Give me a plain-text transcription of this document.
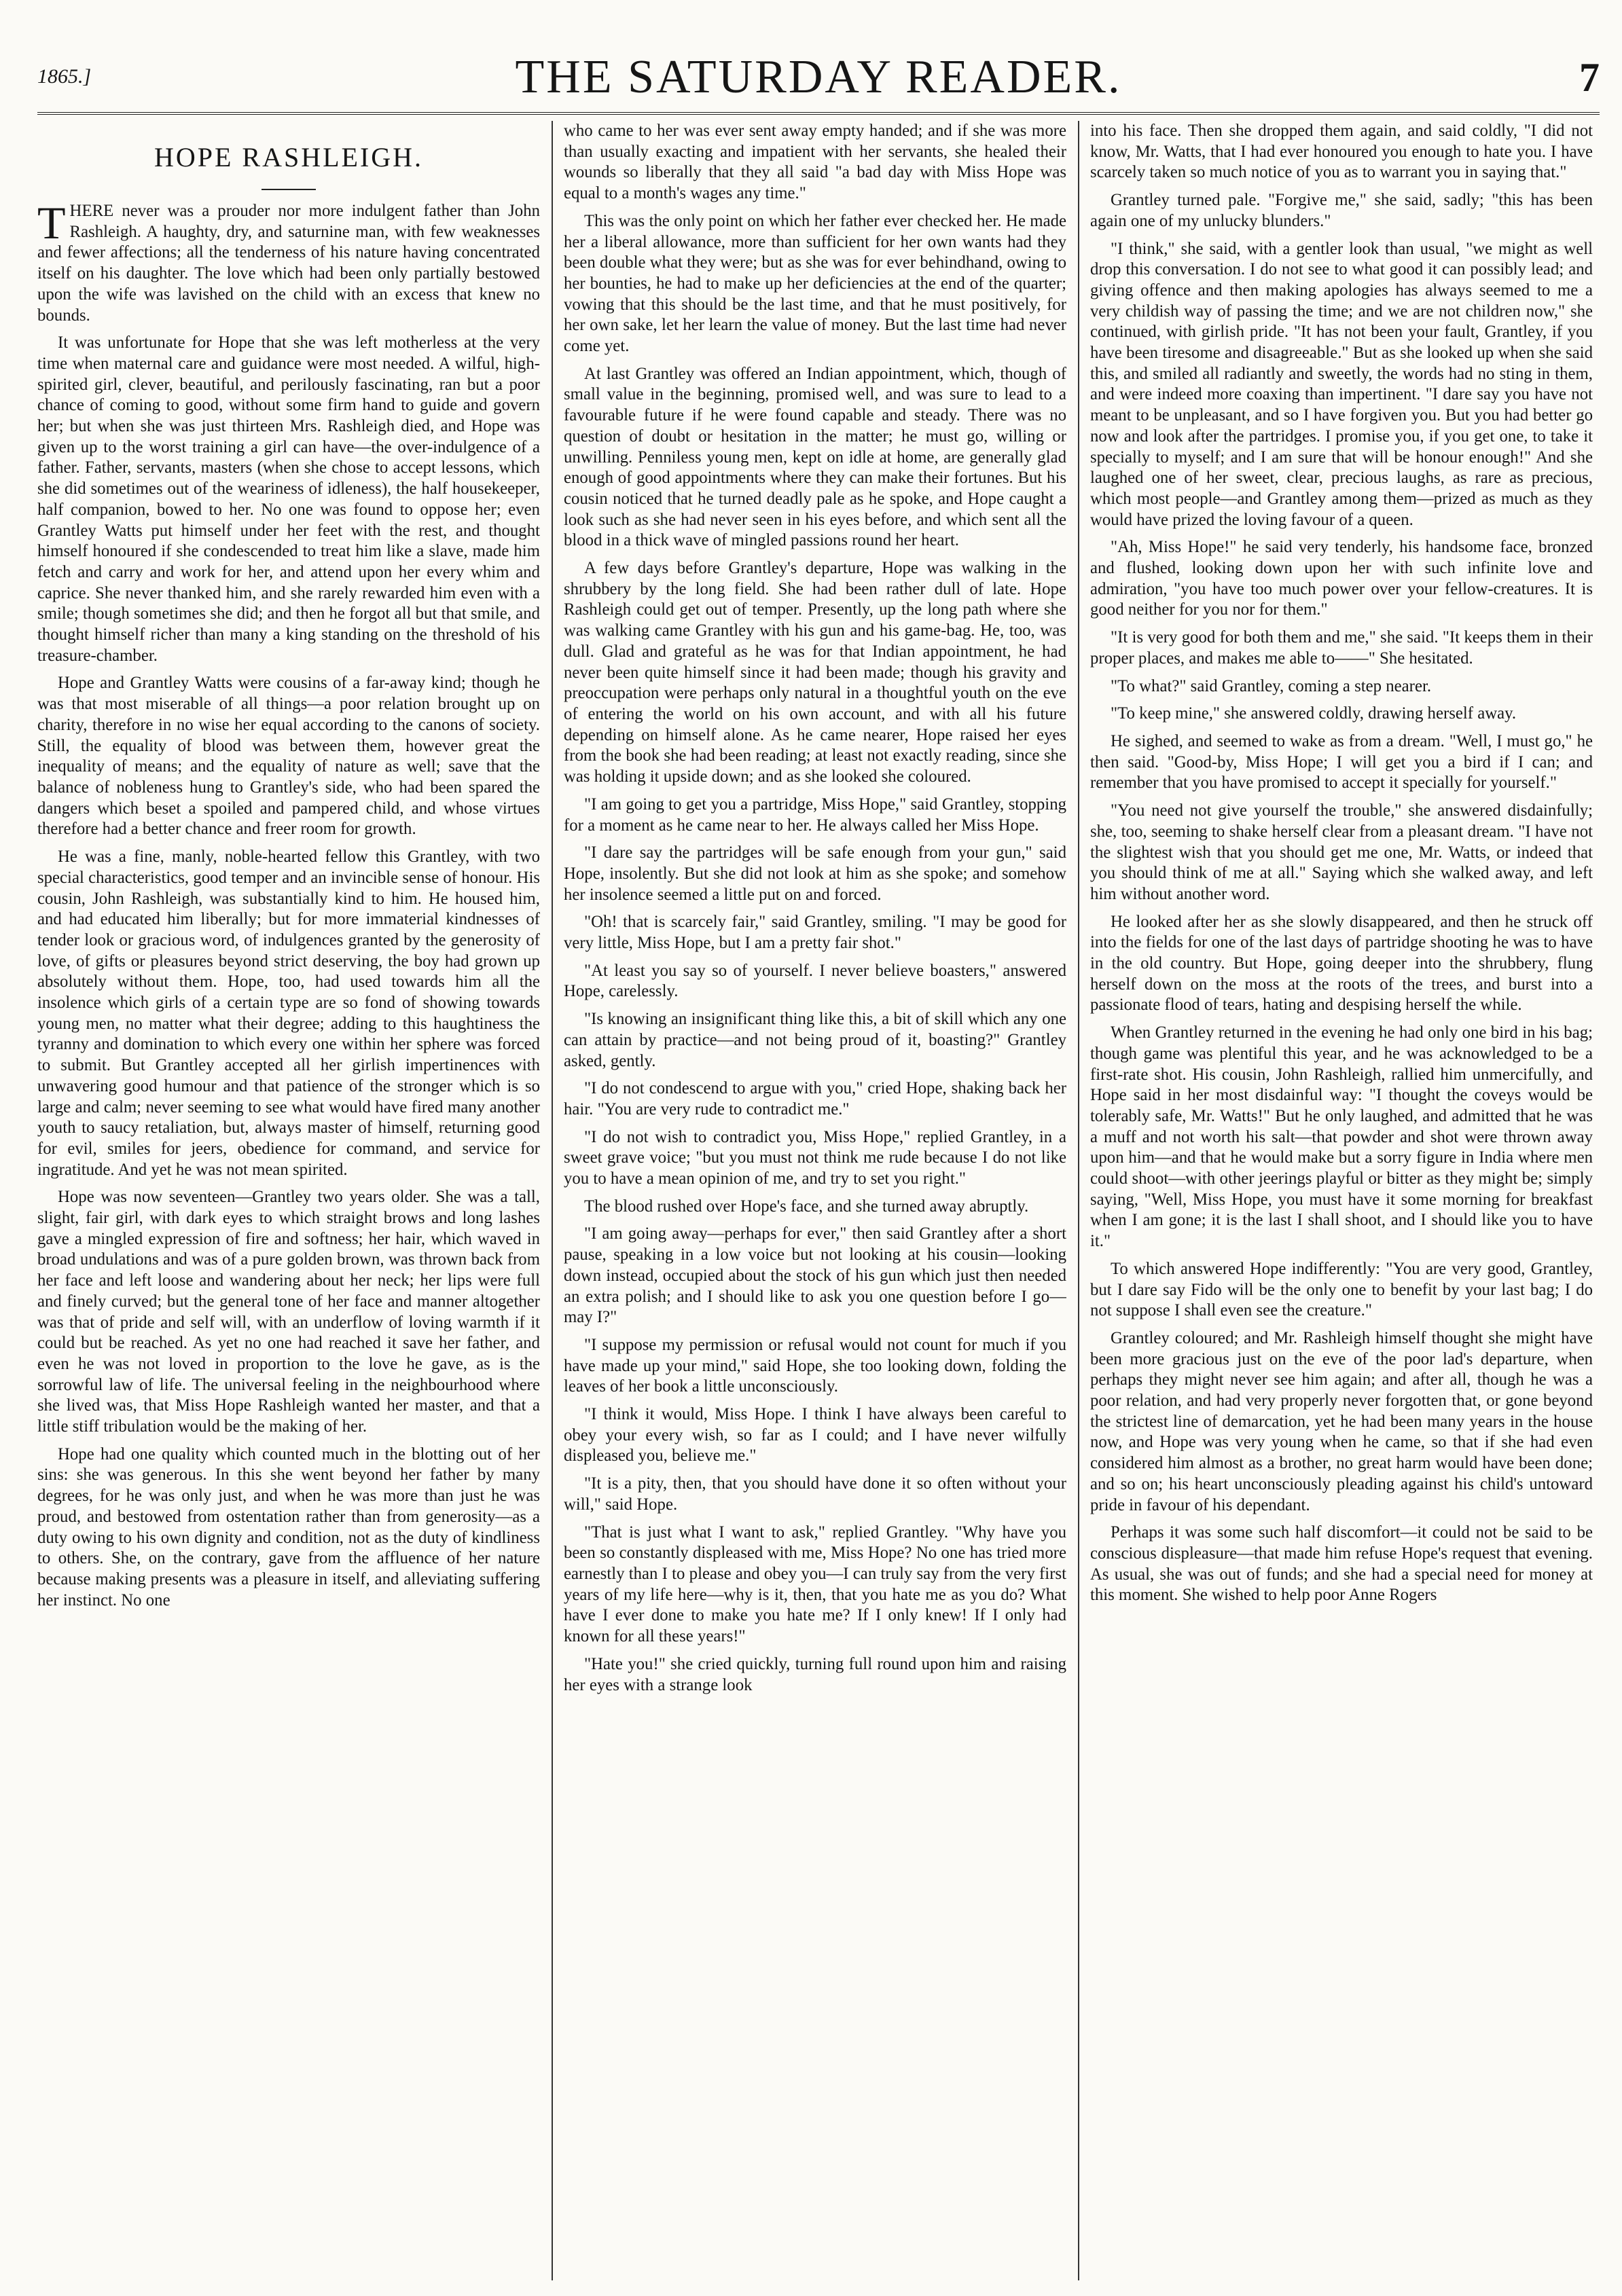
1865.]	THE SATURDAY READER.	7
HOPE RASHLEIGH.

THERE never was a prouder nor more indulgent father than John Rashleigh. A haughty, dry, and saturnine man, with few weaknesses and fewer affections; all the tenderness of his nature having concentrated itself on his daughter. The love which had been only partially bestowed upon the wife was lavished on the child with an excess that knew no bounds.

It was unfortunate for Hope that she was left motherless at the very time when maternal care and guidance were most needed. A wilful, high-spirited girl, clever, beautiful, and perilously fascinating, ran but a poor chance of coming to good, without some firm hand to guide and govern her; but when she was just thirteen Mrs. Rashleigh died, and Hope was given up to the worst training a girl can have—the over-indulgence of a father. Father, servants, masters (when she chose to accept lessons, which she did sometimes out of the weariness of idleness), the half housekeeper, half companion, bowed to her. No one was found to oppose her; even Grantley Watts put himself under her feet with the rest, and thought himself honoured if she condescended to treat him like a slave, made him fetch and carry and work for her, and attend upon her every whim and caprice. She never thanked him, and she rarely rewarded him even with a smile; though sometimes she did; and then he forgot all but that smile, and thought himself richer than many a king standing on the threshold of his treasure-chamber.

Hope and Grantley Watts were cousins of a far-away kind; though he was that most miserable of all things—a poor relation brought up on charity, therefore in no wise her equal according to the canons of society. Still, the equality of blood was between them, however great the inequality of means; and the equality of nature as well; save that the balance of nobleness hung to Grantley's side, who had been spared the dangers which beset a spoiled and pampered child, and whose virtues therefore had a better chance and freer room for growth.

He was a fine, manly, noble-hearted fellow this Grantley, with two special characteristics, good temper and an invincible sense of honour. His cousin, John Rashleigh, was substantially kind to him. He housed him, and had educated him liberally; but for more immaterial kindnesses of tender look or gracious word, of indulgences granted by the generosity of love, of gifts or pleasures beyond strict deserving, the boy had grown up absolutely without them. Hope, too, had used towards him all the insolence which girls of a certain type are so fond of showing towards young men, no matter what their degree; adding to this haughtiness the tyranny and domination to which every one within her sphere was forced to submit. But Grantley accepted all her girlish impertinences with unwavering good humour and that patience of the stronger which is so large and calm; never seeming to see what would have fired many another youth to saucy retaliation, but, always master of himself, returning good for evil, smiles for jeers, obedience for command, and service for ingratitude. And yet he was not mean spirited.

Hope was now seventeen—Grantley two years older. She was a tall, slight, fair girl, with dark eyes to which straight brows and long lashes gave a mingled expression of fire and softness; her hair, which waved in broad undulations and was of a pure golden brown, was thrown back from her face and left loose and wandering about her neck; her lips were full and finely curved; but the general tone of her face and manner altogether was that of pride and self will, with an underflow of loving warmth if it could but be reached. As yet no one had reached it save her father, and even he was not loved in proportion to the love he gave, as is the sorrowful law of life. The universal feeling in the neighbourhood where she lived was, that Miss Hope Rashleigh wanted her master, and that a little stiff tribulation would be the making of her.

Hope had one quality which counted much in the blotting out of her sins: she was generous. In this she went beyond her father by many degrees, for he was only just, and when he was more than just he was proud, and bestowed from ostentation rather than from generosity—as a duty owing to his own dignity and condition, not as the duty of kindliness to others. She, on the contrary, gave from the affluence of her nature because making presents was a pleasure in itself, and alleviating suffering her instinct. No one

who came to her was ever sent away empty handed; and if she was more than usually exacting and impatient with her servants, she healed their wounds so liberally that they all said "a bad day with Miss Hope was equal to a month's wages any time."

This was the only point on which her father ever checked her. He made her a liberal allowance, more than sufficient for her own wants had they been double what they were; but as she was for ever behindhand, owing to her bounties, he had to make up her deficiencies at the end of the quarter; vowing that this should be the last time, and that he must positively, for her own sake, let her learn the value of money. But the last time had never come yet.

At last Grantley was offered an Indian appointment, which, though of small value in the beginning, promised well, and was sure to lead to a favourable future if he were found capable and steady. There was no question of doubt or hesitation in the matter; he must go, willing or unwilling. Penniless young men, kept on idle at home, are generally glad enough of good appointments where they can make their fortunes. But his cousin noticed that he turned deadly pale as he spoke, and Hope caught a look such as she had never seen in his eyes before, and which sent all the blood in a thick wave of mingled passions round her heart.

A few days before Grantley's departure, Hope was walking in the shrubbery by the long field. She had been rather dull of late. Hope Rashleigh could get out of temper. Presently, up the long path where she was walking came Grantley with his gun and his game-bag. He, too, was dull. Glad and grateful as he was for that Indian appointment, he had never been quite himself since it had been made; though his gravity and preoccupation were perhaps only natural in a thoughtful youth on the eve of entering the world on his own account, and with all his future depending on himself alone. As he came nearer, Hope raised her eyes from the book she had been reading; at least not exactly reading, since she was holding it upside down; and as she looked she coloured.

"I am going to get you a partridge, Miss Hope," said Grantley, stopping for a moment as he came near to her. He always called her Miss Hope.

"I dare say the partridges will be safe enough from your gun," said Hope, insolently. But she did not look at him as she spoke; and somehow her insolence seemed a little put on and forced.

"Oh! that is scarcely fair," said Grantley, smiling. "I may be good for very little, Miss Hope, but I am a pretty fair shot."

"At least you say so of yourself. I never believe boasters," answered Hope, carelessly.

"Is knowing an insignificant thing like this, a bit of skill which any one can attain by practice—and not being proud of it, boasting?" Grantley asked, gently.

"I do not condescend to argue with you," cried Hope, shaking back her hair. "You are very rude to contradict me."

"I do not wish to contradict you, Miss Hope," replied Grantley, in a sweet grave voice; "but you must not think me rude because I do not like you to have a mean opinion of me, and try to set you right."

The blood rushed over Hope's face, and she turned away abruptly.

"I am going away—perhaps for ever," then said Grantley after a short pause, speaking in a low voice but not looking at his cousin—looking down instead, occupied about the stock of his gun which just then needed an extra polish; and I should like to ask you one question before I go—may I?"

"I suppose my permission or refusal would not count for much if you have made up your mind," said Hope, she too looking down, folding the leaves of her book a little unconsciously.

"I think it would, Miss Hope. I think I have always been careful to obey your every wish, so far as I could; and I have never wilfully displeased you, believe me."

"It is a pity, then, that you should have done it so often without your will," said Hope.

"That is just what I want to ask," replied Grantley. "Why have you been so constantly displeased with me, Miss Hope? No one has tried more earnestly than I to please and obey you—I can truly say from the very first years of my life here—why is it, then, that you hate me as you do? What have I ever done to make you hate me? If I only knew! If I only had known for all these years!"

"Hate you!" she cried quickly, turning full round upon him and raising her eyes with a strange look

into his face. Then she dropped them again, and said coldly, "I did not know, Mr. Watts, that I had ever honoured you enough to hate you. I have scarcely taken so much notice of you as to warrant you in saying that."

Grantley turned pale. "Forgive me," she said, sadly; "this has been again one of my unlucky blunders."

"I think," she said, with a gentler look than usual, "we might as well drop this conversation. I do not see to what good it can possibly lead; and giving offence and then making apologies has always seemed to me a very childish way of passing the time; and we are not children now," she continued, with girlish pride. "It has not been your fault, Grantley, if you have been tiresome and disagreeable." But as she looked up when she said this, and smiled all radiantly and sweetly, the words had no sting in them, and were indeed more coaxing than impertinent. "I dare say you have not meant to be unpleasant, and so I have forgiven you. But you had better go now and look after the partridges. I promise you, if you get one, to take it specially to myself; and I am sure that will be honour enough!" And she laughed one of her sweet, clear, precious laughs, as rare as precious, which most people—and Grantley among them—prized as much as they would have prized the loving favour of a queen.

"Ah, Miss Hope!" he said very tenderly, his handsome face, bronzed and flushed, looking down upon her with such infinite love and admiration, "you have too much power over your fellow-creatures. It is good neither for you nor for them."

"It is very good for both them and me," she said. "It keeps them in their proper places, and makes me able to——" She hesitated.

"To what?" said Grantley, coming a step nearer.

"To keep mine," she answered coldly, drawing herself away.

He sighed, and seemed to wake as from a dream. "Well, I must go," he then said. "Good-by, Miss Hope; I will get you a bird if I can; and remember that you have promised to accept it specially for yourself."

"You need not give yourself the trouble," she answered disdainfully; she, too, seeming to shake herself clear from a pleasant dream. "I have not the slightest wish that you should get me one, Mr. Watts, or indeed that you should think of me at all." Saying which she walked away, and left him without another word.

He looked after her as she slowly disappeared, and then he struck off into the fields for one of the last days of partridge shooting he was to have in the old country. But Hope, going deeper into the shrubbery, flung herself down on the moss at the roots of the trees, and burst into a passionate flood of tears, hating and despising herself the while.

When Grantley returned in the evening he had only one bird in his bag; though game was plentiful this year, and he was acknowledged to be a first-rate shot. His cousin, John Rashleigh, rallied him unmercifully, and Hope said in her most disdainful way: "I thought the coveys would be tolerably safe, Mr. Watts!" But he only laughed, and admitted that he was a muff and not worth his salt—that powder and shot were thrown away upon him—and that he would make but a sorry figure in India where men could shoot—with other jeerings playful or bitter as they might be; simply saying, "Well, Miss Hope, you must have it some morning for breakfast when I am gone; it is the last I shall shoot, and I should like you to have it."

To which answered Hope indifferently: "You are very good, Grantley, but I dare say Fido will be the only one to benefit by your last bag; I do not suppose I shall even see the creature."

Grantley coloured; and Mr. Rashleigh himself thought she might have been more gracious just on the eve of the poor lad's departure, when perhaps they might never see him again; and after all, though he was a poor relation, and had very properly never forgotten that, or gone beyond the strictest line of demarcation, yet he had been many years in the house now, and Hope was very young when he came, so that if she had even considered him almost as a brother, no great harm would have been done; and so on; his heart unconsciously pleading against his child's untoward pride in favour of his dependant.

Perhaps it was some such half discomfort—it could not be said to be conscious displeasure—that made him refuse Hope's request that evening. As usual, she was out of funds; and she had a special need for money at this moment. She wished to help poor Anne Rogers
